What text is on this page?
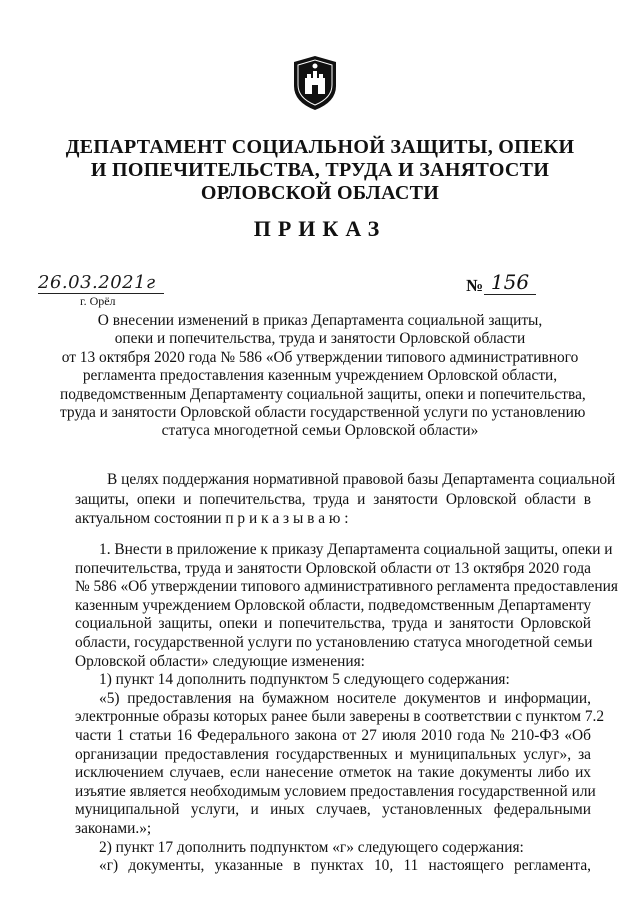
ДЕПАРТАМЕНТ СОЦИАЛЬНОЙ ЗАЩИТЫ, ОПЕКИ
И ПОПЕЧИТЕЛЬСТВА, ТРУДА И ЗАНЯТОСТИ
ОРЛОВСКОЙ ОБЛАСТИ
ПРИКАЗ
26.03.2021г
г. Орёл
№ 156
О внесении изменений в приказ Департамента социальной защиты,
опеки и попечительства, труда и занятости Орловской области
от 13 октября 2020 года № 586 «Об утверждении типового административного
регламента предоставления казенным учреждением Орловской области,
подведомственным Департаменту социальной защиты, опеки и попечительства,
труда и занятости Орловской области государственной услуги по установлению
статуса многодетной семьи Орловской области»
В целях поддержания нормативной правовой базы Департамента социальной
защиты, опеки и попечительства, труда и занятости Орловской области в
актуальном состоянии п р и к а з ы в а ю :
1. Внести в приложение к приказу Департамента социальной защиты, опеки и
попечительства, труда и занятости Орловской области от 13 октября 2020 года
№ 586 «Об утверждении типового административного регламента предоставления
казенным учреждением Орловской области, подведомственным Департаменту
социальной защиты, опеки и попечительства, труда и занятости Орловской
области, государственной услуги по установлению статуса многодетной семьи
Орловской области» следующие изменения:
1) пункт 14 дополнить подпунктом 5 следующего содержания:
«5) предоставления на бумажном носителе документов и информации,
электронные образы которых ранее были заверены в соответствии с пунктом 7.2
части 1 статьи 16 Федерального закона от 27 июля 2010 года № 210-ФЗ «Об
организации предоставления государственных и муниципальных услуг», за
исключением случаев, если нанесение отметок на такие документы либо их
изъятие является необходимым условием предоставления государственной или
муниципальной услуги, и иных случаев, установленных федеральными
законами.»;
2) пункт 17 дополнить подпунктом «г» следующего содержания:
«г) документы, указанные в пунктах 10, 11 настоящего регламента,
